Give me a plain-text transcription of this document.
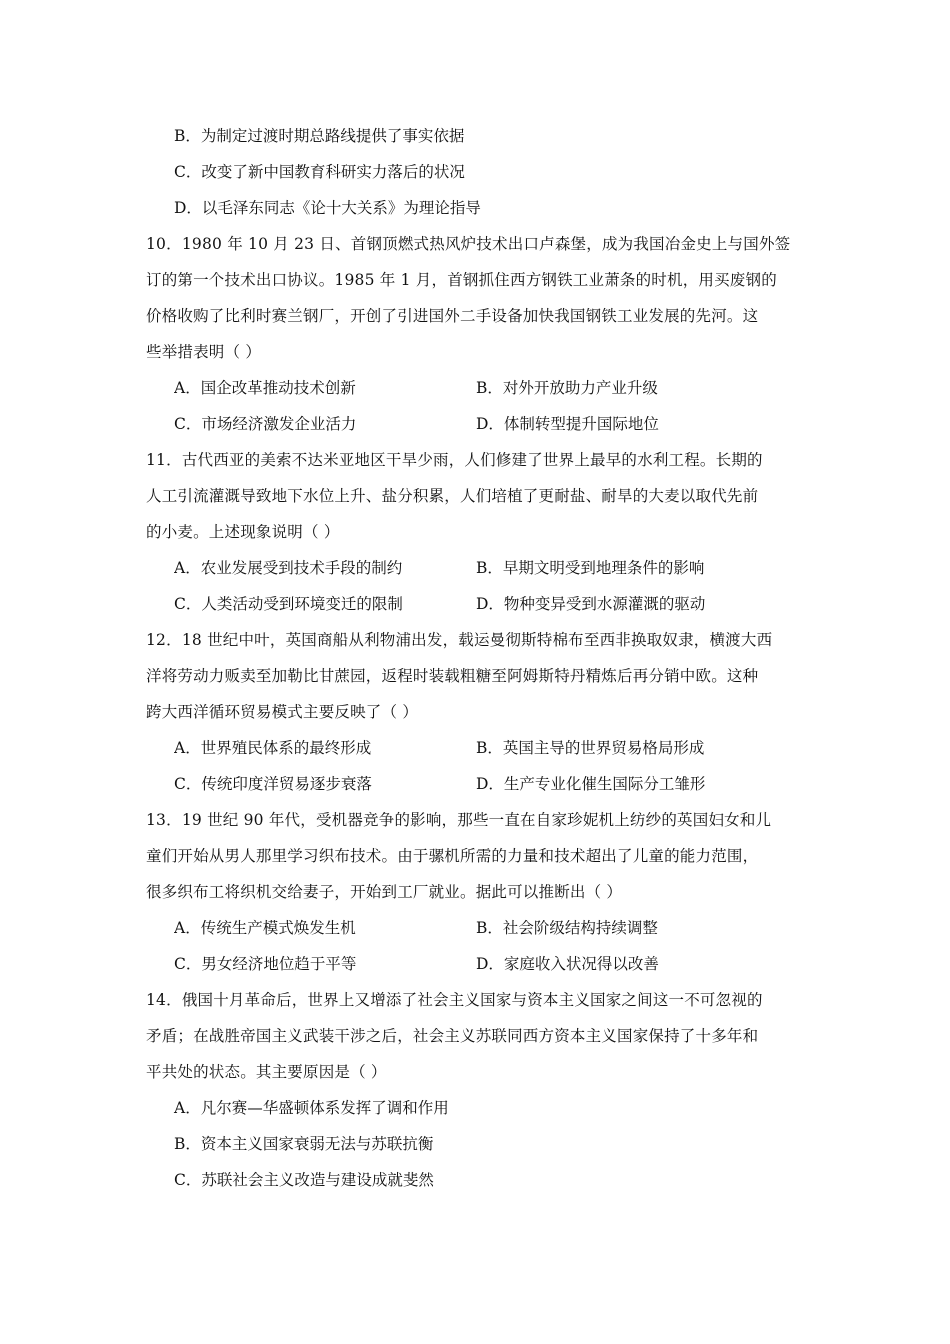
B．为制定过渡时期总路线提供了事实依据
C．改变了新中国教育科研实力落后的状况
D．以毛泽东同志《论十大关系》为理论指导
10．1980 年 10 月 23 日、首钢顶燃式热风炉技术出口卢森堡，成为我国冶金史上与国外签
订的第一个技术出口协议。1985 年 1 月，首钢抓住西方钢铁工业萧条的时机，用买废钢的
价格收购了比利时赛兰钢厂，开创了引进国外二手设备加快我国钢铁工业发展的先河。这
些举措表明（ ）
A．国企改革推动技术创新	B．对外开放助力产业升级
C．市场经济激发企业活力	D．体制转型提升国际地位
11．古代西亚的美索不达米亚地区干旱少雨，人们修建了世界上最早的水利工程。长期的
人工引流灌溉导致地下水位上升、盐分积累，人们培植了更耐盐、耐旱的大麦以取代先前
的小麦。上述现象说明（ ）
A．农业发展受到技术手段的制约	B．早期文明受到地理条件的影响
C．人类活动受到环境变迁的限制	D．物种变异受到水源灌溉的驱动
12．18 世纪中叶，英国商船从利物浦出发，载运曼彻斯特棉布至西非换取奴隶，横渡大西
洋将劳动力贩卖至加勒比甘蔗园，返程时装载粗糖至阿姆斯特丹精炼后再分销中欧。这种
跨大西洋循环贸易模式主要反映了（ ）
A．世界殖民体系的最终形成	B．英国主导的世界贸易格局形成
C．传统印度洋贸易逐步衰落	D．生产专业化催生国际分工雏形
13．19 世纪 90 年代，受机器竞争的影响，那些一直在自家珍妮机上纺纱的英国妇女和儿
童们开始从男人那里学习织布技术。由于骡机所需的力量和技术超出了儿童的能力范围，
很多织布工将织机交给妻子，开始到工厂就业。据此可以推断出（ ）
A．传统生产模式焕发生机	B．社会阶级结构持续调整
C．男女经济地位趋于平等	D．家庭收入状况得以改善
14．俄国十月革命后，世界上又增添了社会主义国家与资本主义国家之间这一不可忽视的
矛盾；在战胜帝国主义武装干涉之后，社会主义苏联同西方资本主义国家保持了十多年和
平共处的状态。其主要原因是（ ）
A．凡尔赛—华盛顿体系发挥了调和作用
B．资本主义国家衰弱无法与苏联抗衡
C．苏联社会主义改造与建设成就斐然
